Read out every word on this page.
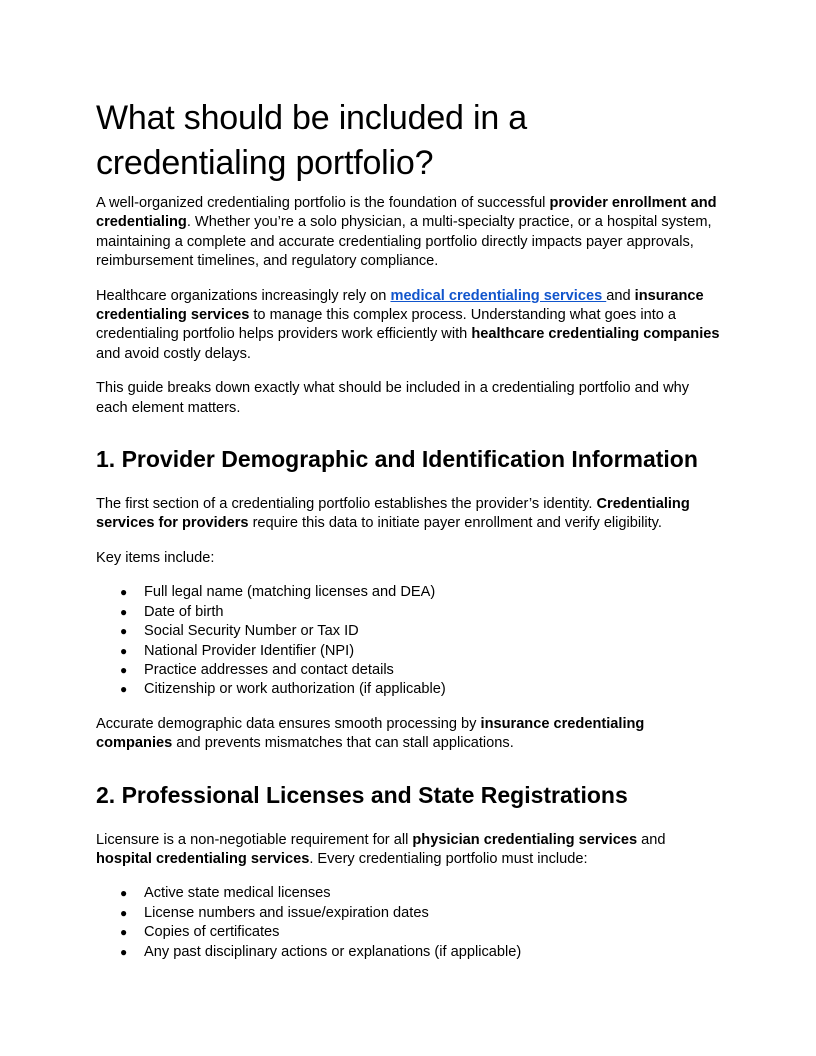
What should be included in a credentialing portfolio?

A well-organized credentialing portfolio is the foundation of successful provider enrollment and credentialing. Whether you’re a solo physician, a multi-specialty practice, or a hospital system, maintaining a complete and accurate credentialing portfolio directly impacts payer approvals, reimbursement timelines, and regulatory compliance.

Healthcare organizations increasingly rely on medical credentialing services and insurance credentialing services to manage this complex process. Understanding what goes into a credentialing portfolio helps providers work efficiently with healthcare credentialing companies and avoid costly delays.

This guide breaks down exactly what should be included in a credentialing portfolio and why each element matters.

1. Provider Demographic and Identification Information

The first section of a credentialing portfolio establishes the provider’s identity. Credentialing services for providers require this data to initiate payer enrollment and verify eligibility.

Key items include:

● Full legal name (matching licenses and DEA)
● Date of birth
● Social Security Number or Tax ID
● National Provider Identifier (NPI)
● Practice addresses and contact details
● Citizenship or work authorization (if applicable)

Accurate demographic data ensures smooth processing by insurance credentialing companies and prevents mismatches that can stall applications.

2. Professional Licenses and State Registrations

Licensure is a non-negotiable requirement for all physician credentialing services and hospital credentialing services. Every credentialing portfolio must include:

● Active state medical licenses
● License numbers and issue/expiration dates
● Copies of certificates
● Any past disciplinary actions or explanations (if applicable)
